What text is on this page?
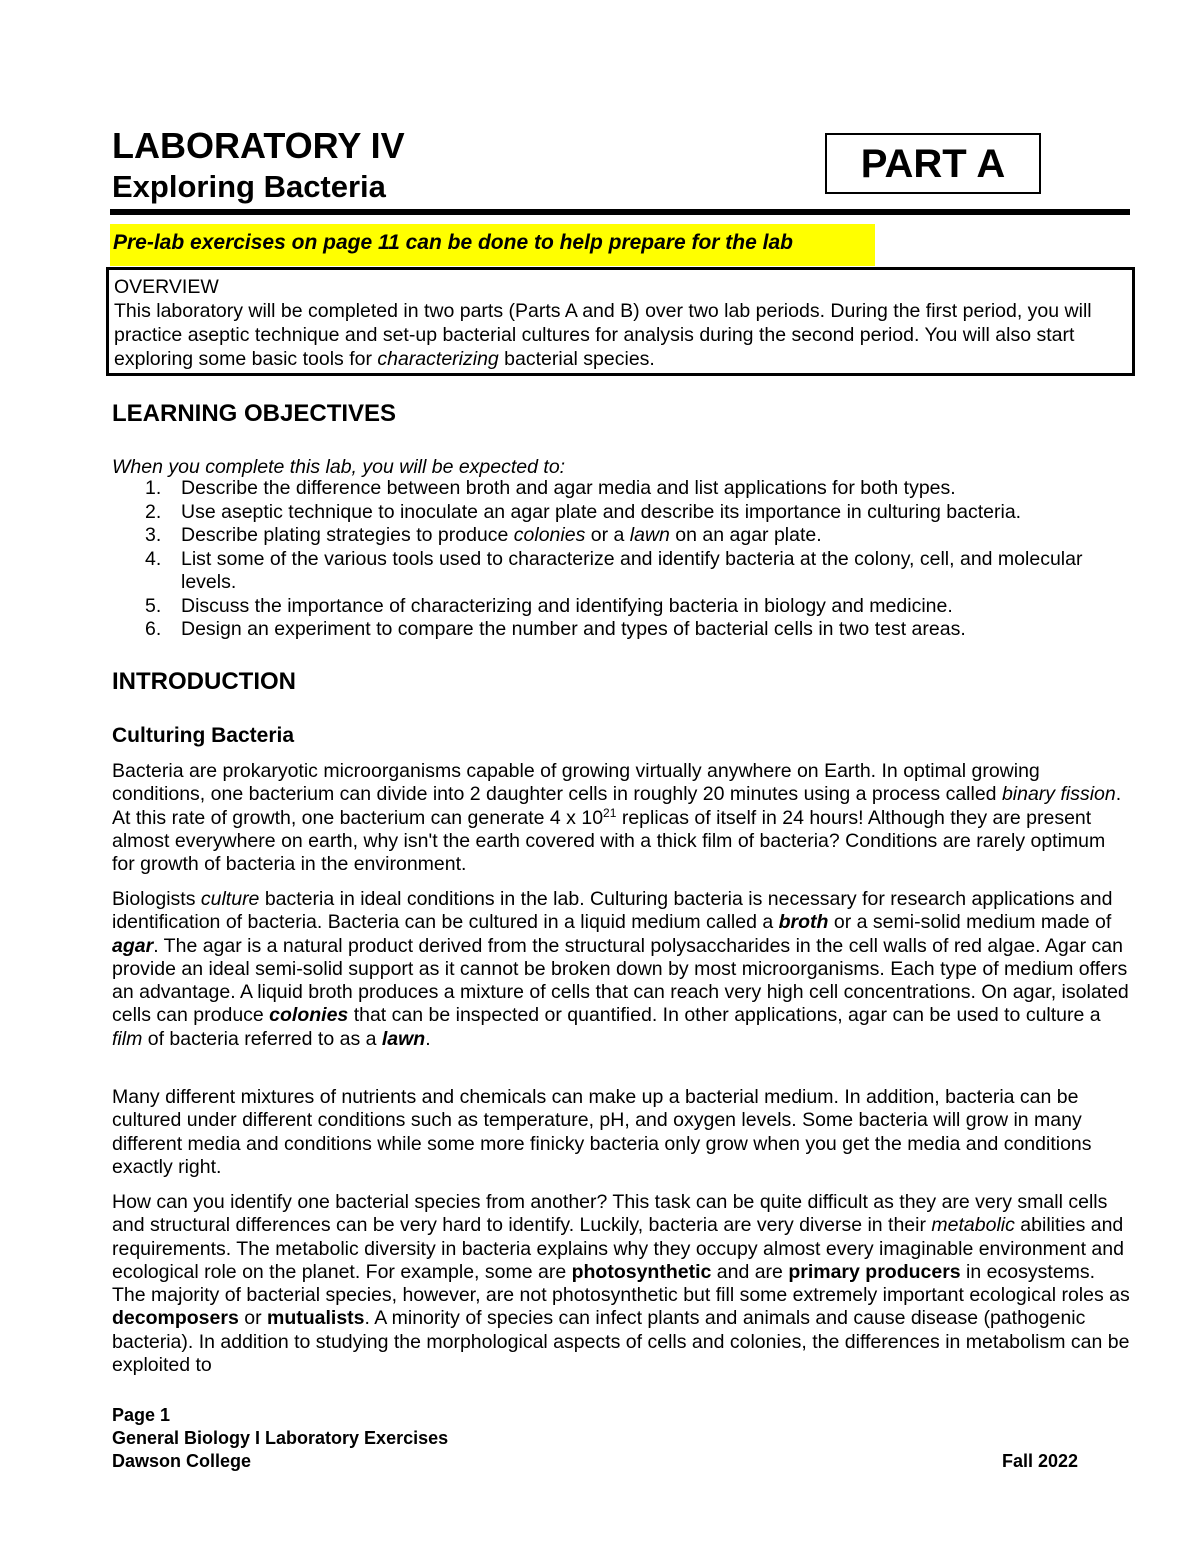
LABORATORY IV
Exploring Bacteria
PART A
Pre-lab exercises on page 11 can be done to help prepare for the lab
OVERVIEW
This laboratory will be completed in two parts (Parts A and B) over two lab periods. During the first period, you will practice aseptic technique and set-up bacterial cultures for analysis during the second period. You will also start exploring some basic tools for characterizing bacterial species.
LEARNING OBJECTIVES
When you complete this lab, you will be expected to:
1. Describe the difference between broth and agar media and list applications for both types.
2. Use aseptic technique to inoculate an agar plate and describe its importance in culturing bacteria.
3. Describe plating strategies to produce colonies or a lawn on an agar plate.
4. List some of the various tools used to characterize and identify bacteria at the colony, cell, and molecular levels.
5. Discuss the importance of characterizing and identifying bacteria in biology and medicine.
6. Design an experiment to compare the number and types of bacterial cells in two test areas.
INTRODUCTION
Culturing Bacteria

Bacteria are prokaryotic microorganisms capable of growing virtually anywhere on Earth. In optimal growing conditions, one bacterium can divide into 2 daughter cells in roughly 20 minutes using a process called binary fission. At this rate of growth, one bacterium can generate 4 x $10^{21}$ replicas of itself in 24 hours! Although they are present almost everywhere on earth, why isn't the earth covered with a thick film of bacteria? Conditions are rarely optimum for growth of bacteria in the environment.

Biologists culture bacteria in ideal conditions in the lab. Culturing bacteria is necessary for research applications and identification of bacteria. Bacteria can be cultured in a liquid medium called a broth or a semi-solid medium made of agar. The agar is a natural product derived from the structural polysaccharides in the cell walls of red algae. Agar can provide an ideal semi-solid support as it cannot be broken down by most microorganisms. Each type of medium offers an advantage. A liquid broth produces a mixture of cells that can reach very high cell concentrations. On agar, isolated cells can produce colonies that can be inspected or quantified. In other applications, agar can be used to culture a film of bacteria referred to as a lawn.

Many different mixtures of nutrients and chemicals can make up a bacterial medium. In addition, bacteria can be cultured under different conditions such as temperature, pH, and oxygen levels. Some bacteria will grow in many different media and conditions while some more finicky bacteria only grow when you get the media and conditions exactly right.

How can you identify one bacterial species from another? This task can be quite difficult as they are very small cells and structural differences can be very hard to identify. Luckily, bacteria are very diverse in their metabolic abilities and requirements. The metabolic diversity in bacteria explains why they occupy almost every imaginable environment and ecological role on the planet. For example, some are photosynthetic and are primary producers in ecosystems. The majority of bacterial species, however, are not photosynthetic but fill some extremely important ecological roles as decomposers or mutualists. A minority of species can infect plants and animals and cause disease (pathogenic bacteria). In addition to studying the morphological aspects of cells and colonies, the differences in metabolism can be exploited to

Page 1
General Biology I Laboratory Exercises
Dawson College	Fall 2022
